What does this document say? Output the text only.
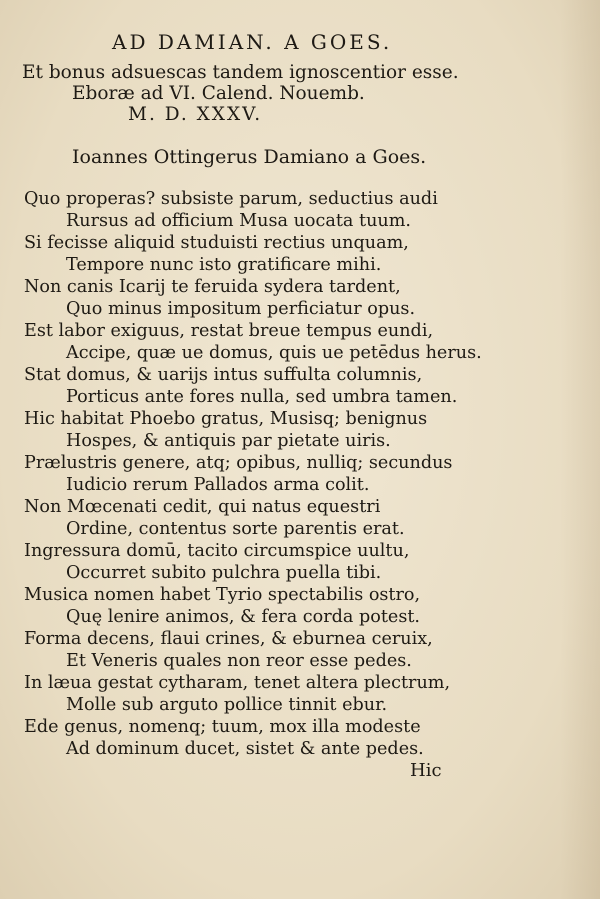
AD DAMIAN. A GOES.
Et bonus adsuescas tandem ignoscentior esse.
Eboræ ad VI. Calend. Nouemb.
M. D. XXXV.
Ioannes Ottingerus Damiano a Goes.
Quo properas? subsiste parum, seductius audi
Rursus ad officium Musa uocata tuum.
Si fecisse aliquid studuisti rectius unquam,
Tempore nunc isto gratificare mihi.
Non canis Icarij te feruida sydera tardent,
Quo minus impositum perficiatur opus.
Est labor exiguus, restat breue tempus eundi,
Accipe, quæ ue domus, quis ue petēdus herus.
Stat domus, & uarijs intus suffulta columnis,
Porticus ante fores nulla, sed umbra tamen.
Hic habitat Phoebo gratus, Musisq; benignus
Hospes, & antiquis par pietate uiris.
Prælustris genere, atq; opibus, nulliq; secundus
Iudicio rerum Pallados arma colit.
Non Mœcenati cedit, qui natus equestri
Ordine, contentus sorte parentis erat.
Ingressura domū, tacito circumspice uultu,
Occurret subito pulchra puella tibi.
Musica nomen habet Tyrio spectabilis ostro,
Quę lenire animos, & fera corda potest.
Forma decens, flaui crines, & eburnea ceruix,
Et Veneris quales non reor esse pedes.
In læua gestat cytharam, tenet altera plectrum,
Molle sub arguto pollice tinnit ebur.
Ede genus, nomenq; tuum, mox illa modeste
Ad dominum ducet, sistet & ante pedes.
Hic
